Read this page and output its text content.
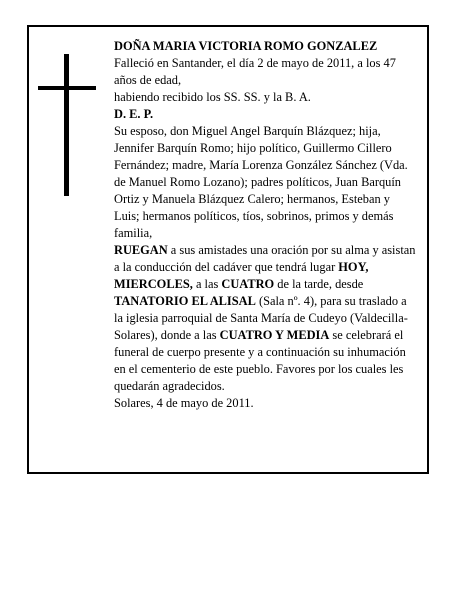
DOÑA MARIA VICTORIA ROMO GONZALEZ

Falleció en Santander, el día 2 de mayo de 2011, a los 47 años de edad,

habiendo recibido los SS. SS. y la B. A.

D. E. P.

Su esposo, don Miguel Angel Barquín Blázquez; hija, Jennifer Barquín Romo; hijo político, Guillermo Cillero Fernández; madre, María Lorenza González Sánchez (Vda. de Manuel Romo Lozano); padres políticos, Juan Barquín Ortiz y Manuela Blázquez Calero; hermanos, Esteban y Luis; hermanos políticos, tíos, sobrinos, primos y demás familia,

RUEGAN a sus amistades una oración por su alma y asistan a la conducción del cadáver que tendrá lugar HOY, MIERCOLES, a las CUATRO de la tarde, desde TANATORIO EL ALISAL (Sala nº. 4), para su traslado a la iglesia parroquial de Santa María de Cudeyo (Valdecilla-Solares), donde a las CUATRO Y MEDIA se celebrará el funeral de cuerpo presente y a continuación su inhumación en el cementerio de este pueblo. Favores por los cuales les quedarán agradecidos.

Solares, 4 de mayo de 2011.
